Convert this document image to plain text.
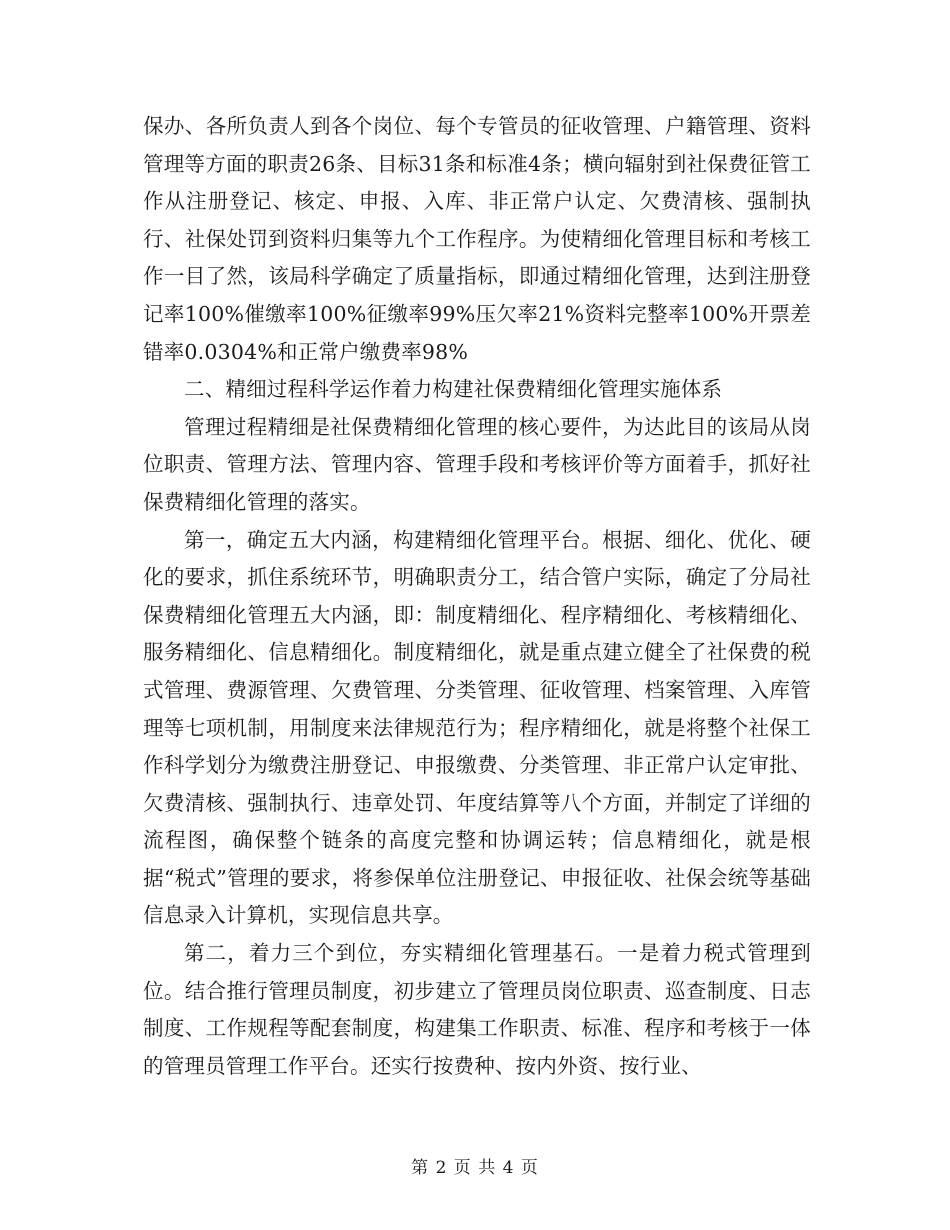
保办、各所负责人到各个岗位、每个专管员的征收管理、户籍管理、资料管理等方面的职责26条、目标31条和标准4条；横向辐射到社保费征管工作从注册登记、核定、申报、入库、非正常户认定、欠费清核、强制执行、社保处罚到资料归集等九个工作程序。为使精细化管理目标和考核工作一目了然，该局科学确定了质量指标，即通过精细化管理，达到注册登记率100%催缴率100%征缴率99%压欠率21%资料完整率100%开票差错率0.0304%和正常户缴费率98%

二、精细过程科学运作着力构建社保费精细化管理实施体系

管理过程精细是社保费精细化管理的核心要件，为达此目的该局从岗位职责、管理方法、管理内容、管理手段和考核评价等方面着手，抓好社保费精细化管理的落实。

第一，确定五大内涵，构建精细化管理平台。根据、细化、优化、硬化的要求，抓住系统环节，明确职责分工，结合管户实际，确定了分局社保费精细化管理五大内涵，即：制度精细化、程序精细化、考核精细化、服务精细化、信息精细化。制度精细化，就是重点建立健全了社保费的税式管理、费源管理、欠费管理、分类管理、征收管理、档案管理、入库管理等七项机制，用制度来法律规范行为；程序精细化，就是将整个社保工作科学划分为缴费注册登记、申报缴费、分类管理、非正常户认定审批、欠费清核、强制执行、违章处罚、年度结算等八个方面，并制定了详细的流程图，确保整个链条的高度完整和协调运转；信息精细化，就是根据“税式”管理的要求，将参保单位注册登记、申报征收、社保会统等基础信息录入计算机，实现信息共享。

第二，着力三个到位，夯实精细化管理基石。一是着力税式管理到位。结合推行管理员制度，初步建立了管理员岗位职责、巡查制度、日志制度、工作规程等配套制度，构建集工作职责、标准、程序和考核于一体的管理员管理工作平台。还实行按费种、按内外资、按行业、

第 2 页 共 4 页
